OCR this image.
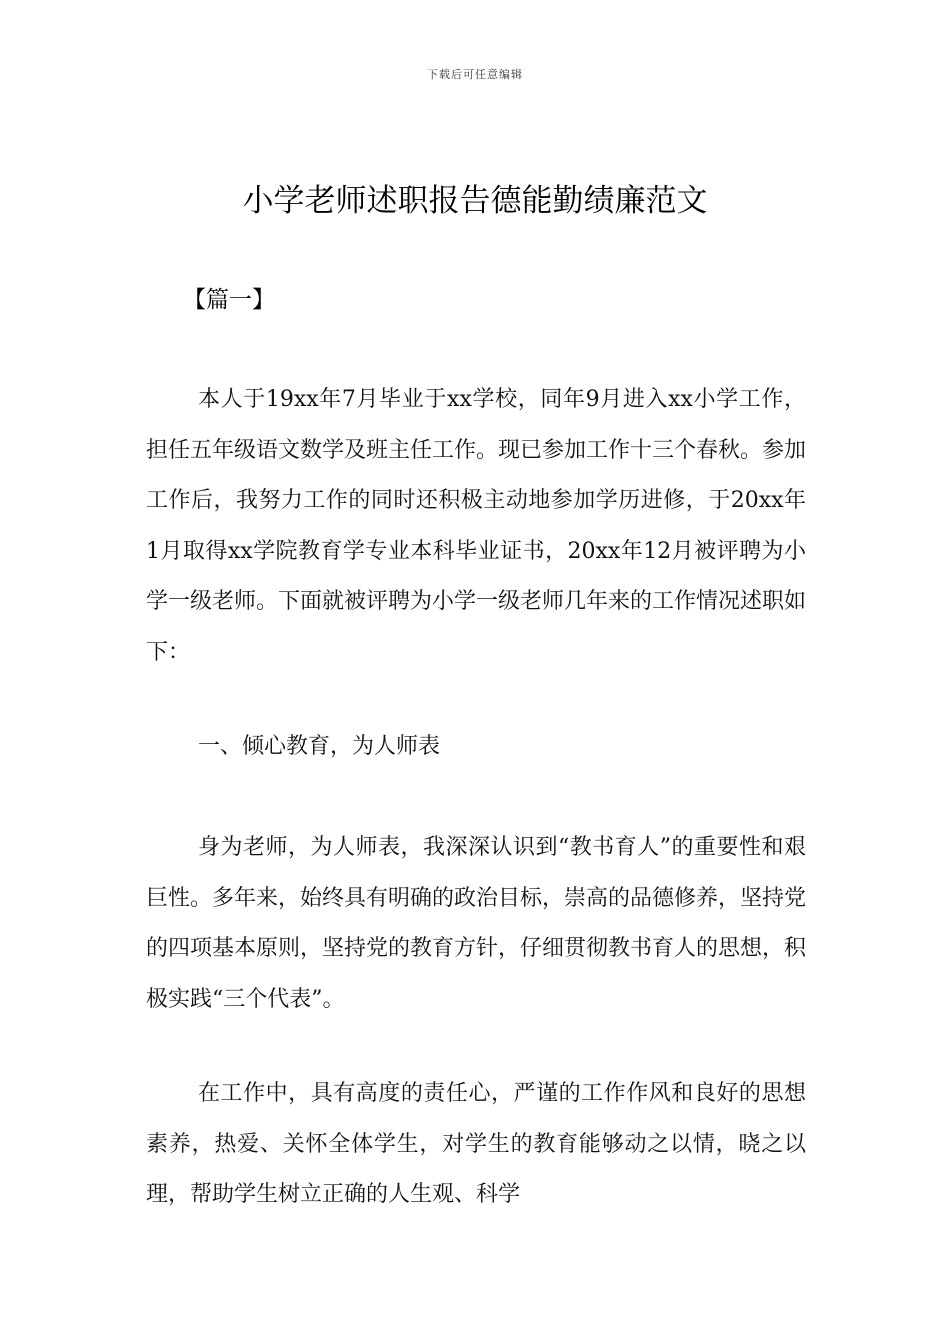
下载后可任意编辑
小学老师述职报告德能勤绩廉范文
【篇一】

本人于19xx年7月毕业于xx学校，同年9月进入xx小学工作，担任五年级语文数学及班主任工作。现已参加工作十三个春秋。参加工作后，我努力工作的同时还积极主动地参加学历进修，于20xx年1月取得xx学院教育学专业本科毕业证书，20xx年12月被评聘为小学一级老师。下面就被评聘为小学一级老师几年来的工作情况述职如下：

一、倾心教育，为人师表

身为老师，为人师表，我深深认识到“教书育人”的重要性和艰巨性。多年来，始终具有明确的政治目标，崇高的品德修养，坚持党的四项基本原则，坚持党的教育方针，仔细贯彻教书育人的思想，积极实践“三个代表”。

在工作中，具有高度的责任心，严谨的工作作风和良好的思想素养，热爱、关怀全体学生，对学生的教育能够动之以情，晓之以理，帮助学生树立正确的人生观、科学
